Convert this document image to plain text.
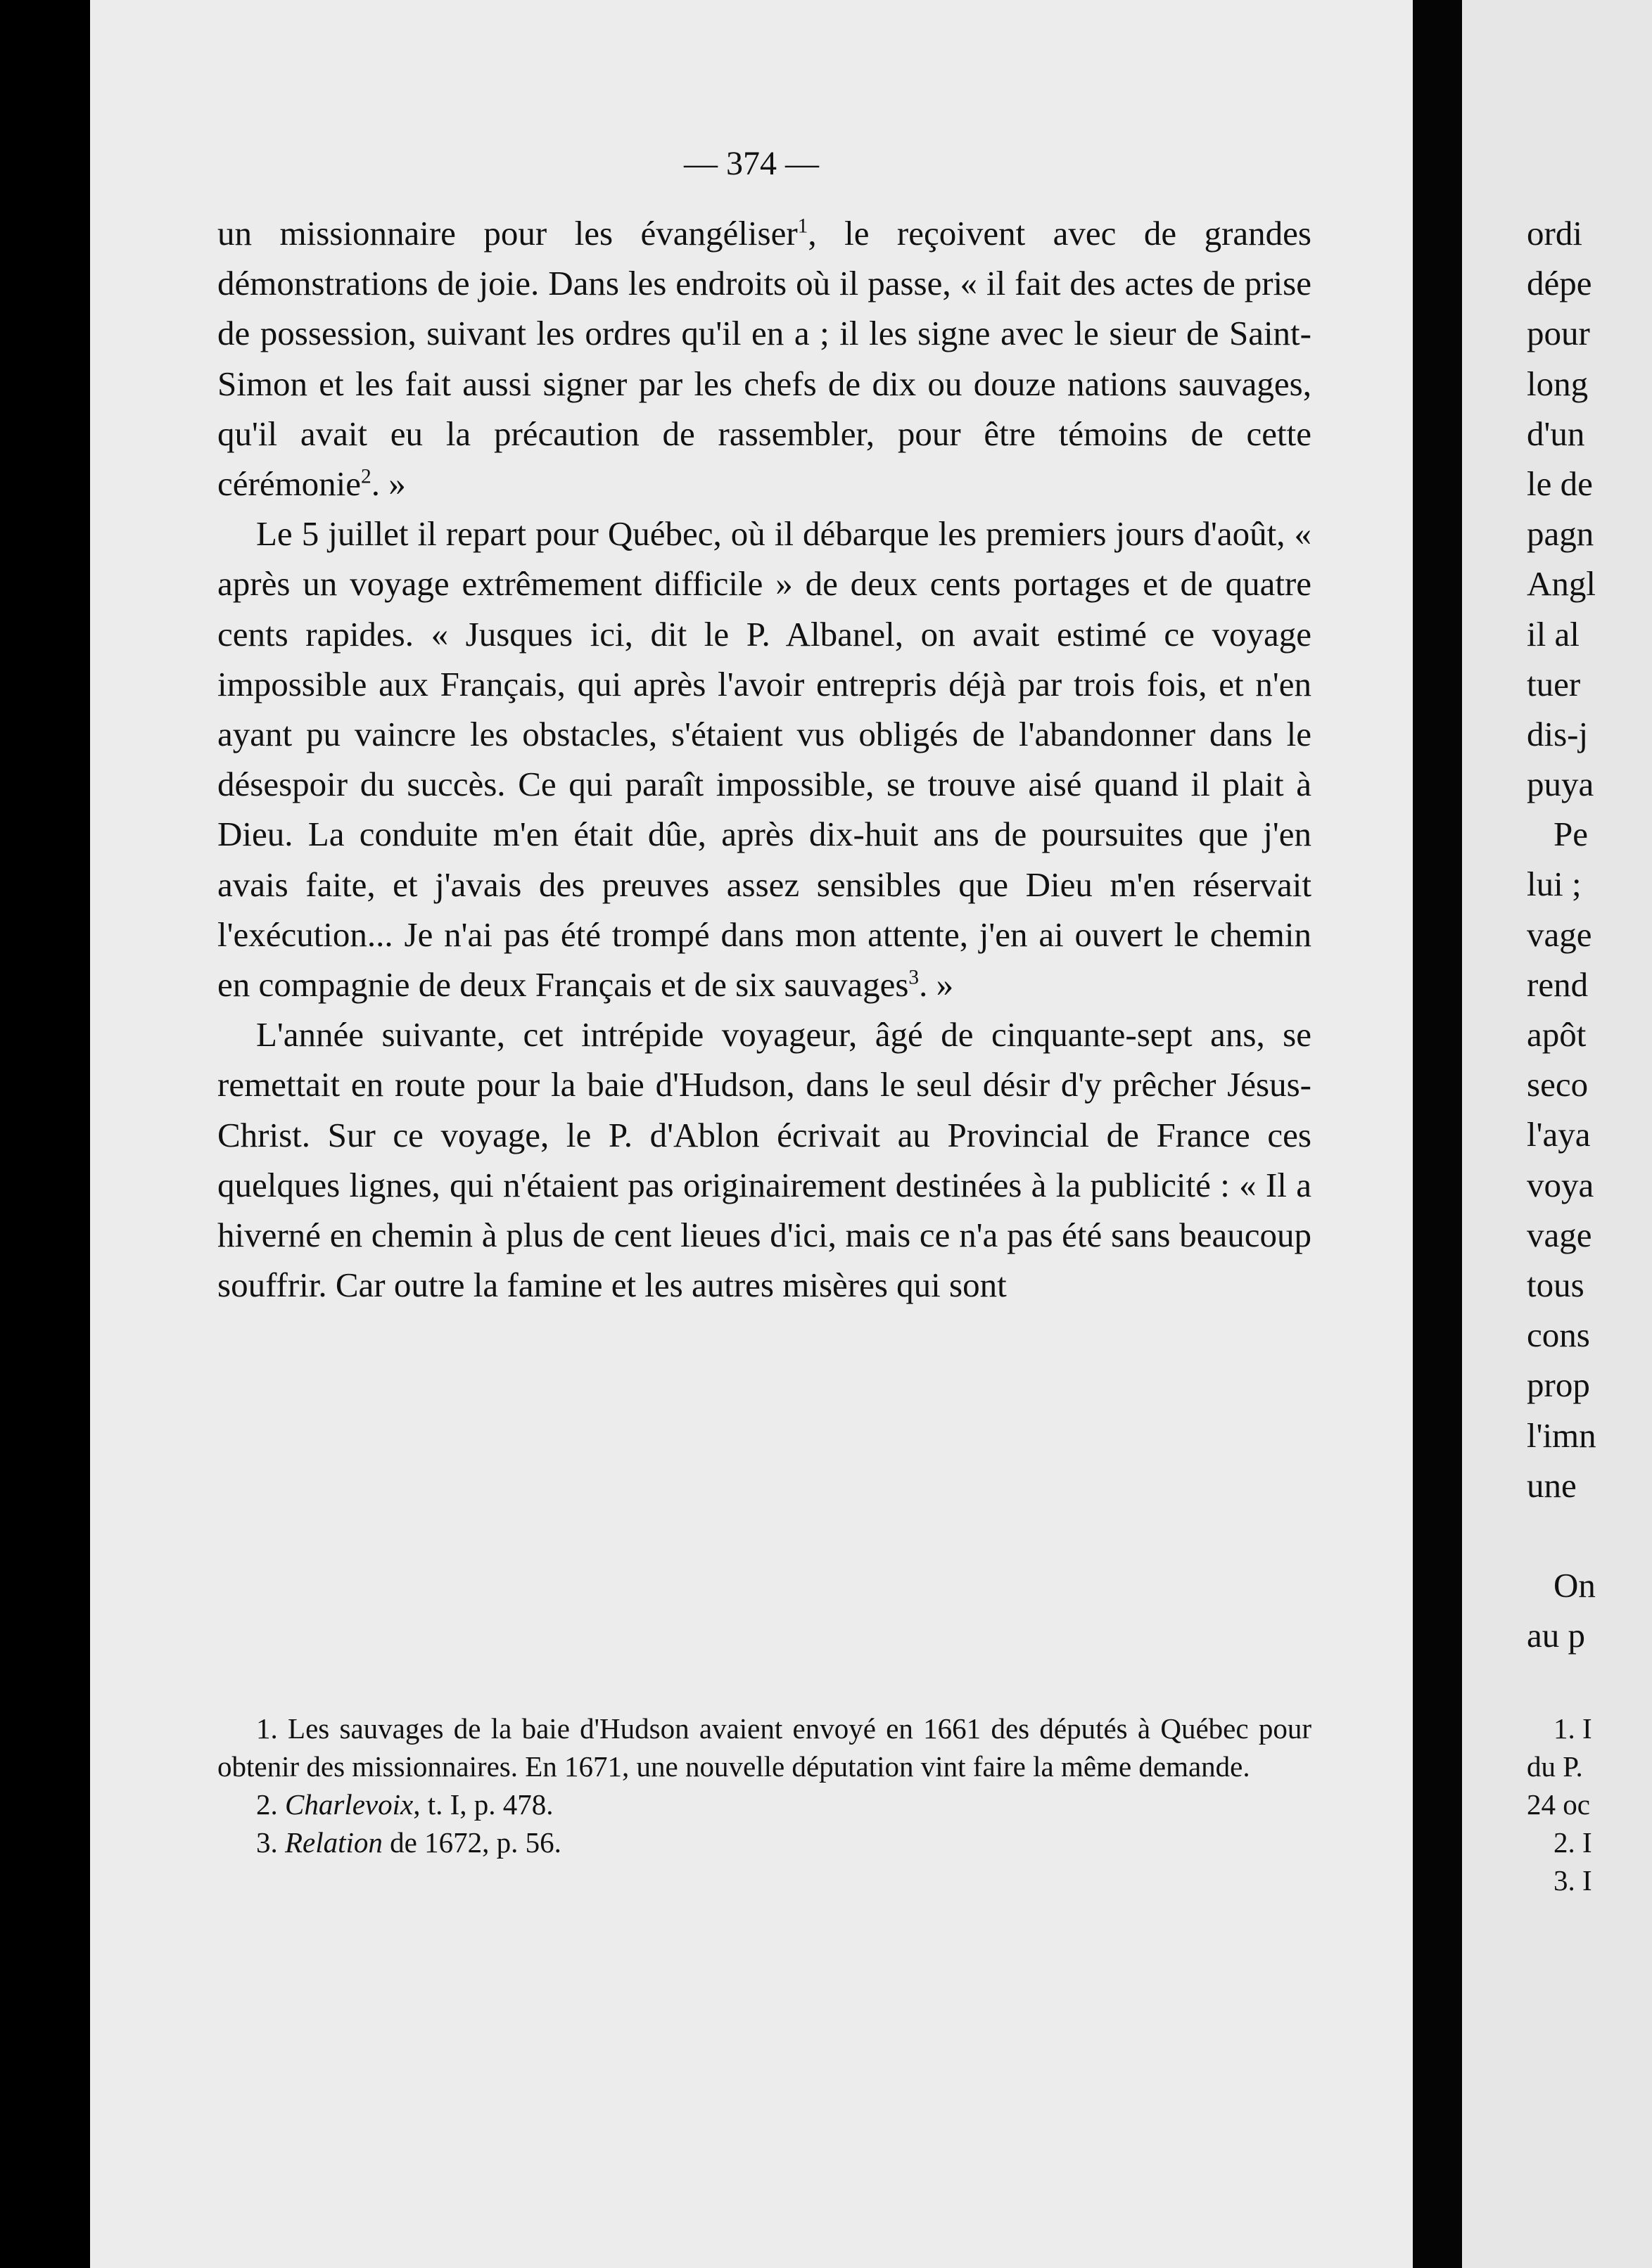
— 374 —

un missionnaire pour les évangéliser$^1$, le reçoivent avec de grandes démonstrations de joie. Dans les endroits où il passe, « il fait des actes de prise de possession, suivant les ordres qu'il en a ; il les signe avec le sieur de Saint-Simon et les fait aussi signer par les chefs de dix ou douze nations sauvages, qu'il avait eu la précaution de rassembler, pour être témoins de cette cérémonie$^2$. »

Le 5 juillet il repart pour Québec, où il débarque les premiers jours d'août, « après un voyage extrêmement difficile » de deux cents portages et de quatre cents rapides. « Jusques ici, dit le P. Albanel, on avait estimé ce voyage impossible aux Français, qui après l'avoir entrepris déjà par trois fois, et n'en ayant pu vaincre les obstacles, s'étaient vus obligés de l'abandonner dans le désespoir du succès. Ce qui paraît impossible, se trouve aisé quand il plait à Dieu. La conduite m'en était dûe, après dix-huit ans de poursuites que j'en avais faite, et j'avais des preuves assez sensibles que Dieu m'en réservait l'exécution... Je n'ai pas été trompé dans mon attente, j'en ai ouvert le chemin en compagnie de deux Français et de six sauvages$^3$. »

L'année suivante, cet intrépide voyageur, âgé de cinquante-sept ans, se remettait en route pour la baie d'Hudson, dans le seul désir d'y prêcher Jésus-Christ. Sur ce voyage, le P. d'Ablon écrivait au Provincial de France ces quelques lignes, qui n'étaient pas originairement destinées à la publicité : « Il a hiverné en chemin à plus de cent lieues d'ici, mais ce n'a pas été sans beaucoup souffrir. Car outre la famine et les autres misères qui sont

1. Les sauvages de la baie d'Hudson avaient envoyé en 1661 des députés à Québec pour obtenir des missionnaires. En 1671, une nouvelle députation vint faire la même demande.

2. Charlevoix, t. I, p. 478.

3. Relation de 1672, p. 56.

ordi
dépe
pour
long
d'un
le de
pagn
Angl
il al
tuer
dis-j
puya
Pe
lui ;
vage
rend
apôt
seco
l'aya
voya
vage
tous
cons
prop
l'imn
une
On
au p
1. I
du P.
24 oc
2. I
3. I
